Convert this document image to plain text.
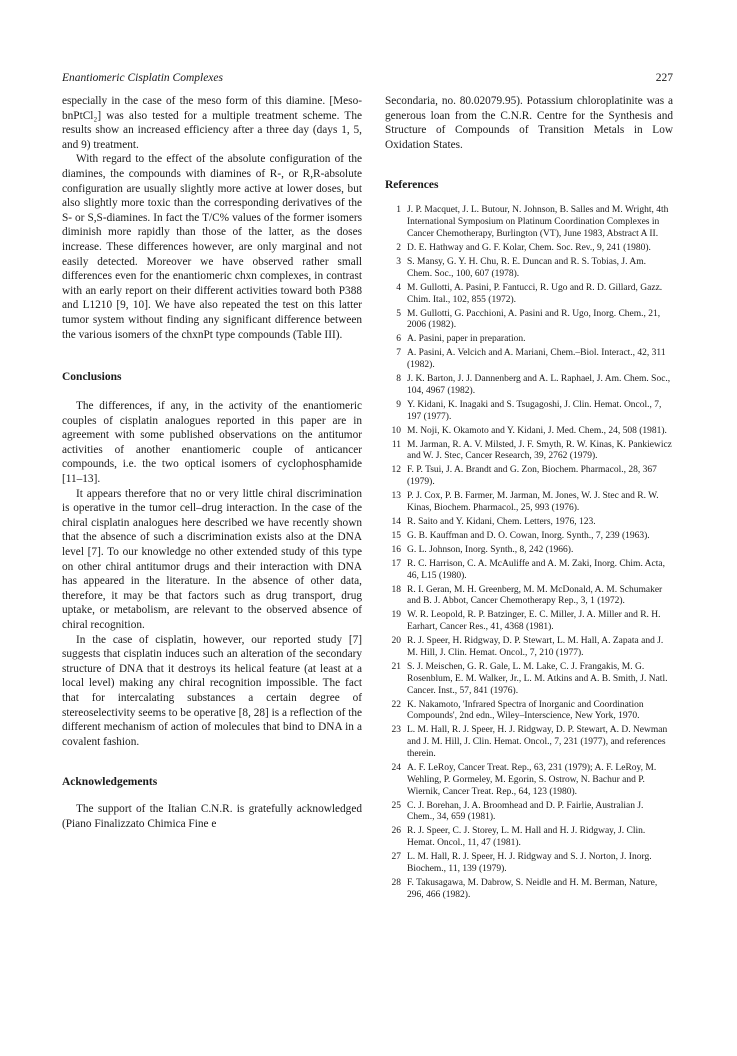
Enantiomeric Cisplatin Complexes	227

especially in the case of the meso form of this diamine. [Meso-bnPtCl₂] was also tested for a multiple treatment scheme. The results show an increased efficiency after a three day (days 1, 5, and 9) treatment.

With regard to the effect of the absolute configuration of the diamines, the compounds with diamines of R-, or R,R-absolute configuration are usually slightly more active at lower doses, but also slightly more toxic than the corresponding derivatives of the S- or S,S-diamines. In fact the T/C% values of the former isomers diminish more rapidly than those of the latter, as the doses increase. These differences however, are only marginal and not easily detected. Moreover we have observed rather small differences even for the enantiomeric chxn complexes, in contrast with an early report on their different activities toward both P388 and L1210 [9, 10]. We have also repeated the test on this latter tumor system without finding any significant difference between the various isomers of the chxnPt type compounds (Table III).

Conclusions

The differences, if any, in the activity of the enantiomeric couples of cisplatin analogues reported in this paper are in agreement with some published observations on the antitumor activities of another enantiomeric couple of anticancer compounds, i.e. the two optical isomers of cyclophosphamide [11–13].

It appears therefore that no or very little chiral discrimination is operative in the tumor cell–drug interaction. In the case of the chiral cisplatin analogues here described we have recently shown that the absence of such a discrimination exists also at the DNA level [7]. To our knowledge no other extended study of this type on other chiral antitumor drugs and their interaction with DNA has appeared in the literature. In the absence of other data, therefore, it may be that factors such as drug transport, drug uptake, or metabolism, are relevant to the observed absence of chiral recognition.

In the case of cisplatin, however, our reported study [7] suggests that cisplatin induces such an alteration of the secondary structure of DNA that it destroys its helical feature (at least at a local level) making any chiral recognition impossible. The fact that for intercalating substances a certain degree of stereoselectivity seems to be operative [8, 28] is a reflection of the different mechanism of action of molecules that bind to DNA in a covalent fashion.

Acknowledgements

The support of the Italian C.N.R. is gratefully acknowledged (Piano Finalizzato Chimica Fine e

Secondaria, no. 80.02079.95). Potassium chloroplatinite was a generous loan from the C.N.R. Centre for the Synthesis and Structure of Compounds of Transition Metals in Low Oxidation States.

References
1 J. P. Macquet, J. L. Butour, N. Johnson, B. Salles and M. Wright, 4th International Symposium on Platinum Coordination Complexes in Cancer Chemotherapy, Burlington (VT), June 1983, Abstract A II.
2 D. E. Hathway and G. F. Kolar, Chem. Soc. Rev., 9, 241 (1980).
3 S. Mansy, G. Y. H. Chu, R. E. Duncan and R. S. Tobias, J. Am. Chem. Soc., 100, 607 (1978).
4 M. Gullotti, A. Pasini, P. Fantucci, R. Ugo and R. D. Gillard, Gazz. Chim. Ital., 102, 855 (1972).
5 M. Gullotti, G. Pacchioni, A. Pasini and R. Ugo, Inorg. Chem., 21, 2006 (1982).
6 A. Pasini, paper in preparation.
7 A. Pasini, A. Velcich and A. Mariani, Chem.–Biol. Interact., 42, 311 (1982).
8 J. K. Barton, J. J. Dannenberg and A. L. Raphael, J. Am. Chem. Soc., 104, 4967 (1982).
9 Y. Kidani, K. Inagaki and S. Tsugagoshi, J. Clin. Hemat. Oncol., 7, 197 (1977).
10 M. Noji, K. Okamoto and Y. Kidani, J. Med. Chem., 24, 508 (1981).
11 M. Jarman, R. A. V. Milsted, J. F. Smyth, R. W. Kinas, K. Pankiewicz and W. J. Stec, Cancer Research, 39, 2762 (1979).
12 F. P. Tsui, J. A. Brandt and G. Zon, Biochem. Pharmacol., 28, 367 (1979).
13 P. J. Cox, P. B. Farmer, M. Jarman, M. Jones, W. J. Stec and R. W. Kinas, Biochem. Pharmacol., 25, 993 (1976).
14 R. Saito and Y. Kidani, Chem. Letters, 1976, 123.
15 G. B. Kauffman and D. O. Cowan, Inorg. Synth., 7, 239 (1963).
16 G. L. Johnson, Inorg. Synth., 8, 242 (1966).
17 R. C. Harrison, C. A. McAuliffe and A. M. Zaki, Inorg. Chim. Acta, 46, L15 (1980).
18 R. I. Geran, M. H. Greenberg, M. M. McDonald, A. M. Schumaker and B. J. Abbot, Cancer Chemotherapy Rep., 3, 1 (1972).
19 W. R. Leopold, R. P. Batzinger, E. C. Miller, J. A. Miller and R. H. Earhart, Cancer Res., 41, 4368 (1981).
20 R. J. Speer, H. Ridgway, D. P. Stewart, L. M. Hall, A. Zapata and J. M. Hill, J. Clin. Hemat. Oncol., 7, 210 (1977).
21 S. J. Meischen, G. R. Gale, L. M. Lake, C. J. Frangakis, M. G. Rosenblum, E. M. Walker, Jr., L. M. Atkins and A. B. Smith, J. Natl. Cancer. Inst., 57, 841 (1976).
22 K. Nakamoto, 'Infrared Spectra of Inorganic and Coordination Compounds', 2nd edn., Wiley–Interscience, New York, 1970.
23 L. M. Hall, R. J. Speer, H. J. Ridgway, D. P. Stewart, A. D. Newman and J. M. Hill, J. Clin. Hemat. Oncol., 7, 231 (1977), and references therein.
24 A. F. LeRoy, Cancer Treat. Rep., 63, 231 (1979); A. F. LeRoy, M. Wehling, P. Gormeley, M. Egorin, S. Ostrow, N. Bachur and P. Wiernik, Cancer Treat. Rep., 64, 123 (1980).
25 C. J. Borehan, J. A. Broomhead and D. P. Fairlie, Australian J. Chem., 34, 659 (1981).
26 R. J. Speer, C. J. Storey, L. M. Hall and H. J. Ridgway, J. Clin. Hemat. Oncol., 11, 47 (1981).
27 L. M. Hall, R. J. Speer, H. J. Ridgway and S. J. Norton, J. Inorg. Biochem., 11, 139 (1979).
28 F. Takusagawa, M. Dabrow, S. Neidle and H. M. Berman, Nature, 296, 466 (1982).
